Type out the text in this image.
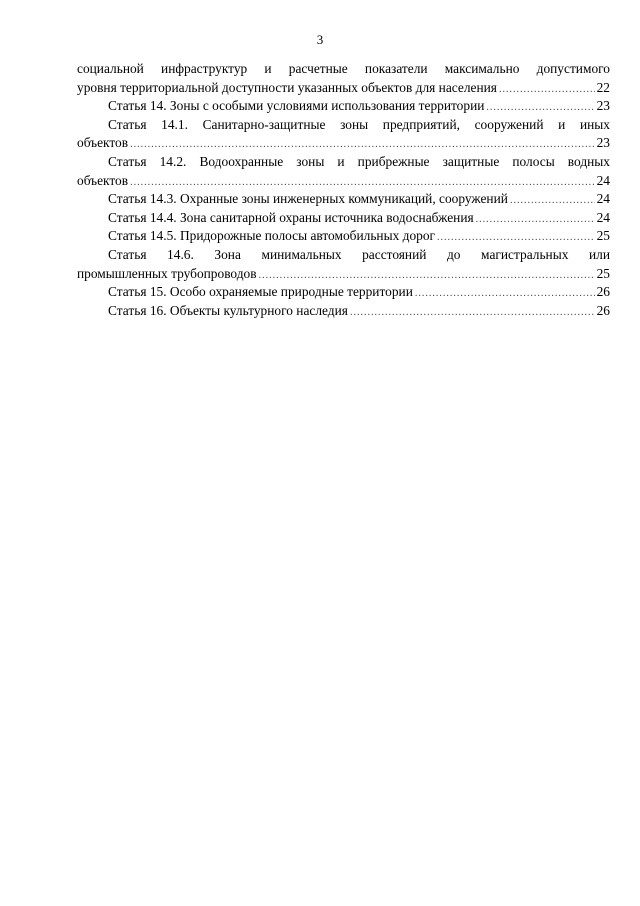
3
социальной инфраструктур и расчетные показатели максимально допустимого
уровня территориальной доступности указанных объектов для населения .....	22
Статья 14. Зоны с особыми условиями использования территории .....	23
Статья 14.1. Санитарно-защитные зоны предприятий, сооружений и иных
объектов .....	23
Статья 14.2. Водоохранные зоны и прибрежные защитные полосы водных
объектов .....	24
Статья 14.3. Охранные зоны инженерных коммуникаций, сооружений .....	24
Статья 14.4. Зона санитарной охраны источника водоснабжения .....	24
Статья 14.5. Придорожные полосы автомобильных дорог .....	25
Статья 14.6. Зона минимальных расстояний до магистральных или
промышленных трубопроводов .....	25
Статья 15. Особо охраняемые природные территории .....	26
Статья 16. Объекты культурного наследия .....	26
